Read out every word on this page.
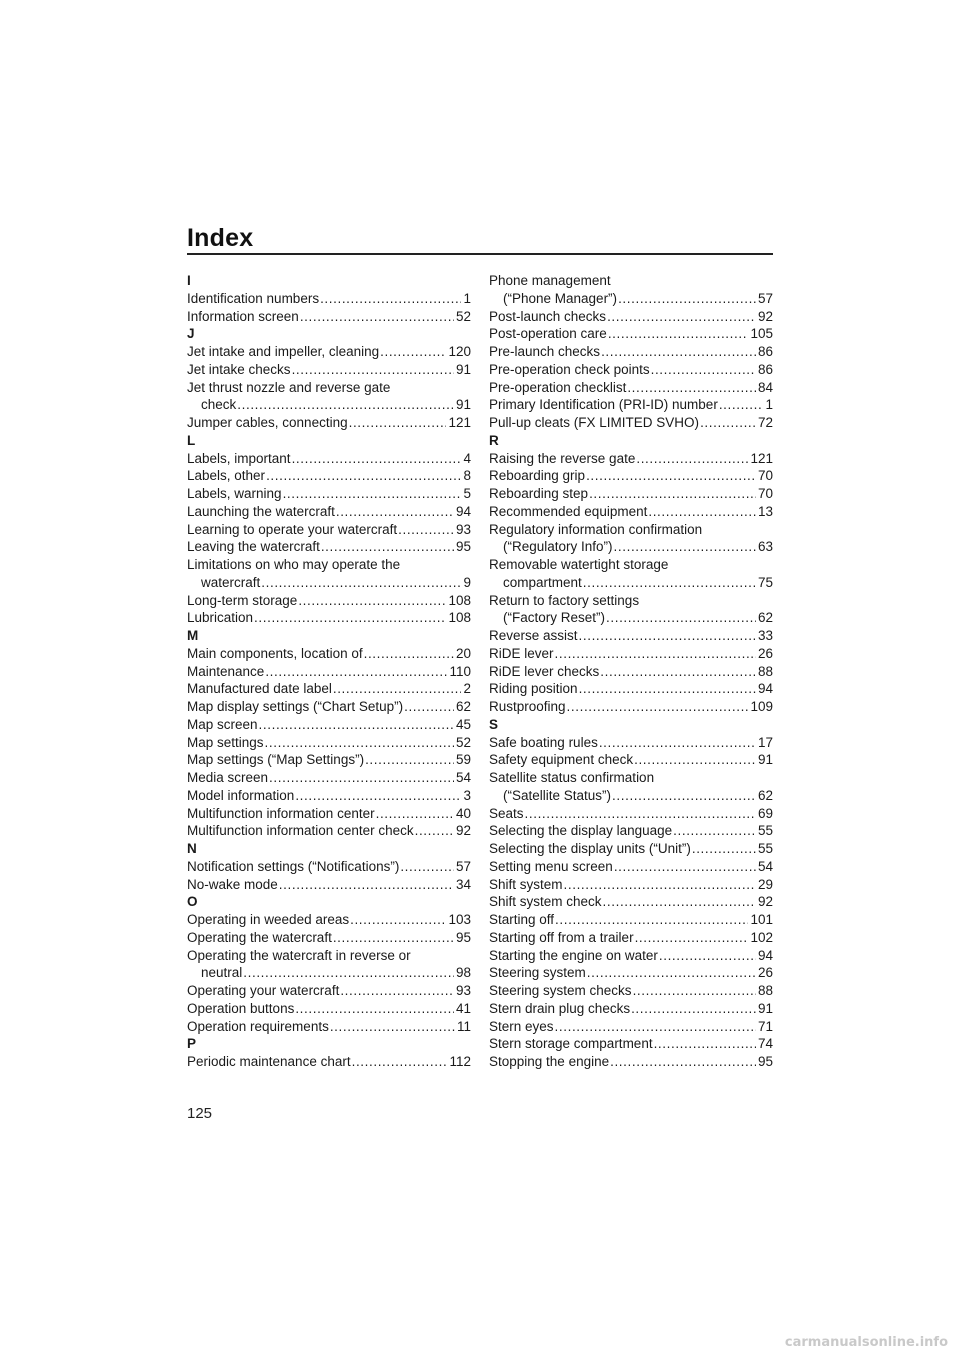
Index
I
Identification numbers .....	1
Information screen .....	52
J
Jet intake and impeller, cleaning .....	120
Jet intake checks .....	91
Jet thrust nozzle and reverse gate
check .....	91
Jumper cables, connecting .....	121
L
Labels, important .....	4
Labels, other .....	8
Labels, warning .....	5
Launching the watercraft .....	94
Learning to operate your watercraft .....	93
Leaving the watercraft .....	95
Limitations on who may operate the
watercraft .....	9
Long-term storage .....	108
Lubrication .....	108
M
Main components, location of .....	20
Maintenance .....	110
Manufactured date label .....	2
Map display settings (“Chart Setup”) .....	62
Map screen .....	45
Map settings .....	52
Map settings (“Map Settings”) .....	59
Media screen .....	54
Model information .....	3
Multifunction information center .....	40
Multifunction information center check .....	92
N
Notification settings (“Notifications”) .....	57
No-wake mode .....	34
O
Operating in weeded areas .....	103
Operating the watercraft .....	95
Operating the watercraft in reverse or
neutral .....	98
Operating your watercraft .....	93
Operation buttons .....	41
Operation requirements .....	11
P
Periodic maintenance chart .....	112
Phone management
(“Phone Manager”) .....	57
Post-launch checks .....	92
Post-operation care .....	105
Pre-launch checks .....	86
Pre-operation check points .....	86
Pre-operation checklist .....	84
Primary Identification (PRI-ID) number .....	1
Pull-up cleats (FX LIMITED SVHO) .....	72
R
Raising the reverse gate .....	121
Reboarding grip .....	70
Reboarding step .....	70
Recommended equipment .....	13
Regulatory information confirmation
(“Regulatory Info”) .....	63
Removable watertight storage
compartment .....	75
Return to factory settings
(“Factory Reset”) .....	62
Reverse assist .....	33
RiDE lever .....	26
RiDE lever checks .....	88
Riding position .....	94
Rustproofing .....	109
S
Safe boating rules .....	17
Safety equipment check .....	91
Satellite status confirmation
(“Satellite Status”) .....	62
Seats .....	69
Selecting the display language .....	55
Selecting the display units (“Unit”) .....	55
Setting menu screen .....	54
Shift system .....	29
Shift system check .....	92
Starting off .....	101
Starting off from a trailer .....	102
Starting the engine on water .....	94
Steering system .....	26
Steering system checks .....	88
Stern drain plug checks .....	91
Stern eyes .....	71
Stern storage compartment .....	74
Stopping the engine .....	95
125
carmanualsonline.info
